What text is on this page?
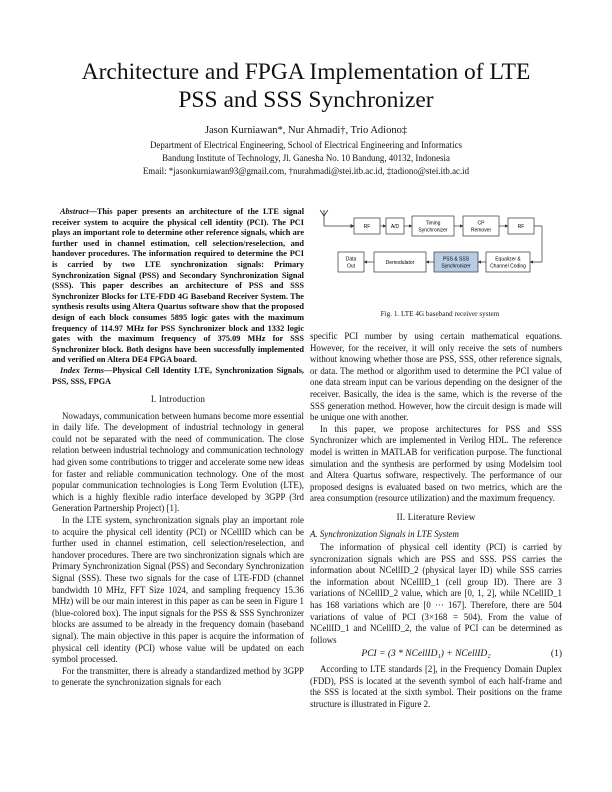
Architecture and FPGA Implementation of LTE
PSS and SSS Synchronizer
Jason Kurniawan*, Nur Ahmadi†, Trio Adiono‡
Department of Electrical Engineering, School of Electrical Engineering and Informatics
Bandung Institute of Technology, Jl. Ganesha No. 10 Bandung, 40132, Indonesia
Email: *jasonkurniawan93@gmail.com, †nurahmadi@stei.itb.ac.id, ‡tadiono@stei.itb.ac.id
Abstract—This paper presents an architecture of the LTE signal receiver system to acquire the physical cell identity (PCI). The PCI plays an important role to determine other reference signals, which are further used in channel estimation, cell selection/reselection, and handover procedures. The information required to determine the PCI is carried by two LTE synchronization signals: Primary Synchronization Signal (PSS) and Secondary Synchronization Signal (SSS). This paper describes an architecture of PSS and SSS Synchronizer Blocks for LTE-FDD 4G Baseband Receiver System. The synthesis results using Altera Quartus software show that the proposed design of each block consumes 5895 logic gates with the maximum frequency of 114.97 MHz for PSS Synchronizer block and 1332 logic gates with the maximum frequency of 375.09 MHz for SSS Synchronizer block. Both designs have been successfully implemented and verified on Altera DE4 FPGA board.
Index Terms—Physical Cell Identity LTE, Synchronization Signals, PSS, SSS, FPGA
I. Introduction

Nowadays, communication between humans become more essential in daily life. The development of industrial technology in general could not be separated with the need of communication. The close relation between industrial technology and communication technology had given some contributions to trigger and accelerate some new ideas for faster and reliable communication technology. One of the most popular communication technologies is Long Term Evolution (LTE), which is a highly flexible radio interface developed by 3GPP (3rd Generation Partnership Project) [1].

In the LTE system, synchronization signals play an important role to acquire the physical cell identity (PCI) or NCellID which can be further used in channel estimation, cell selection/reselection, and handover procedures. There are two sinchronization signals which are Primary Synchronization Signal (PSS) and Secondary Synchronization Signal (SSS). These two signals for the case of LTE-FDD (channel bandwidth 10 MHz, FFT Size 1024, and sampling frequency 15.36 MHz) will be our main interest in this paper as can be seen in Figure 1 (blue-colored box). The input signals for the PSS & SSS Synchronizer blocks are assumed to be already in the frequency domain (baseband signal). The main objective in this paper is acquire the information of physical cell identity (PCI) whose value will be updated on each symbol processed.

For the transmitter, there is already a standardized method by 3GPP to generate the synchronization signals for each

RF	A/D
Timing
Synchronizer
CP
Remover
RF
Data
Out
Demodulator
PSS & SSS
Synchronizer
Equalizer &
Channel Coding
Fig. 1. LTE 4G baseband receiver system

specific PCI number by using certain mathematical equations. However, for the receiver, it will only receive the sets of numbers without knowing whether those are PSS, SSS, other reference signals, or data. The method or algorithm used to determine the PCI value of one data stream input can be various depending on the designer of the receiver. Basically, the idea is the same, which is the reverse of the SSS generation method. However, how the circuit design is made will be unique one with another.

In this paper, we propose architectures for PSS and SSS Synchronizer which are implemented in Verilog HDL. The reference model is written in MATLAB for verification purpose. The functional simulation and the synthesis are performed by using Modelsim tool and Altera Quartus software, respectively. The performance of our proposed designs is evaluated based on two metrics, which are the area consumption (resource utilization) and the maximum frequency.

II. Literature Review
A. Synchronization Signals in LTE System

The information of physical cell identity (PCI) is carried by syncronization signals which are PSS and SSS. PSS carries the information about NCellID_2 (physical layer ID) while SSS carries the information about NCellID_1 (cell group ID). There are 3 variations of NCellID_2 value, which are [0, 1, 2], while NCellID_1 has 168 variations which are [0 ··· 167]. Therefore, there are 504 variations of value of PCI (3×168 = 504). From the value of NCellID_1 and NCellID_2, the value of PCI can be determined as follows

PCI = (3 * NCellID₁) + NCellID₂	(1)

According to LTE standards [2], in the Frequency Domain Duplex (FDD), PSS is located at the seventh symbol of each half-frame and the SSS is located at the sixth symbol. Their positions on the frame structure is illustrated in Figure 2.
